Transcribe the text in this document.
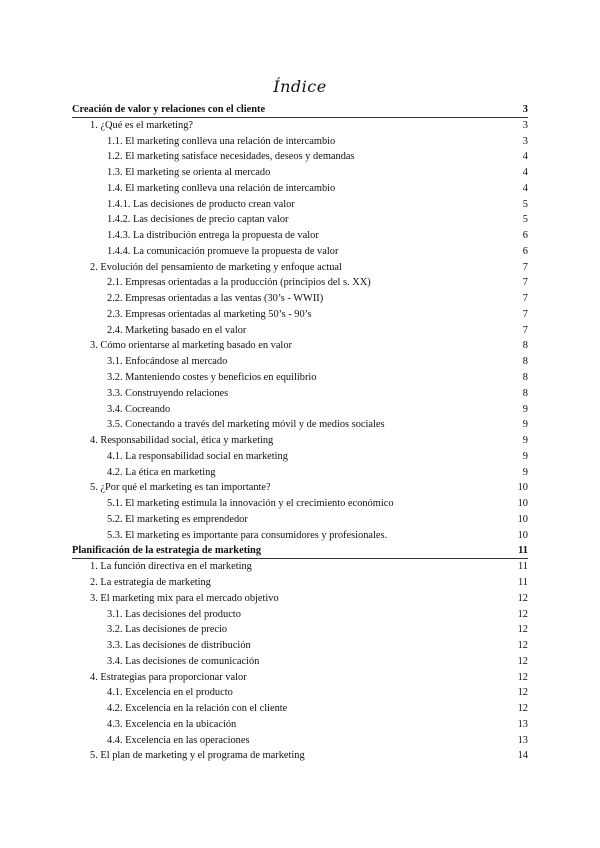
Índice
Creación de valor y relaciones con el cliente	3
1. ¿Qué es el marketing?	3
1.1. El marketing conlleva una relación de intercambio	3
1.2. El marketing satisface necesidades, deseos y demandas	4
1.3. El marketing se orienta al mercado	4
1.4. El marketing conlleva una relación de intercambio	4
1.4.1. Las decisiones de producto crean valor	5
1.4.2. Las decisiones de precio captan valor	5
1.4.3. La distribución entrega la propuesta de valor	6
1.4.4. La comunicación promueve la propuesta de valor	6
2. Evolución del pensamiento de marketing y enfoque actual	7
2.1. Empresas orientadas a la producción (principios del s. XX)	7
2.2. Empresas orientadas a las ventas (30’s - WWII)	7
2.3. Empresas orientadas al marketing 50’s - 90’s	7
2.4. Marketing basado en el valor	7
3. Cómo orientarse al marketing basado en valor	8
3.1. Enfocándose al mercado	8
3.2. Manteniendo costes y beneficios en equilibrio	8
3.3. Construyendo relaciones	8
3.4. Cocreando	9
3.5. Conectando a través del marketing móvil y de medios sociales	9
4. Responsabilidad social, ética y marketing	9
4.1. La responsabilidad social en marketing	9
4.2. La ética en marketing	9
5. ¿Por qué el marketing es tan importante?	10
5.1. El marketing estimula la innovación y el crecimiento económico	10
5.2. El marketing es emprendedor	10
5.3. El marketing es importante para consumidores y profesionales.	10
Planificación de la estrategia de marketing	11
1. La función directiva en el marketing	11
2. La estrategia de marketing	11
3. El marketing mix para el mercado objetivo	12
3.1. Las decisiones del producto	12
3.2. Las decisiones de precio	12
3.3. Las decisiones de distribución	12
3.4. Las decisiones de comunicación	12
4. Estrategias para proporcionar valor	12
4.1. Excelencia en el producto	12
4.2. Excelencia en la relación con el cliente	12
4.3. Excelencia en la ubicación	13
4.4. Excelencia en las operaciones	13
5. El plan de marketing y el programa de marketing	14
